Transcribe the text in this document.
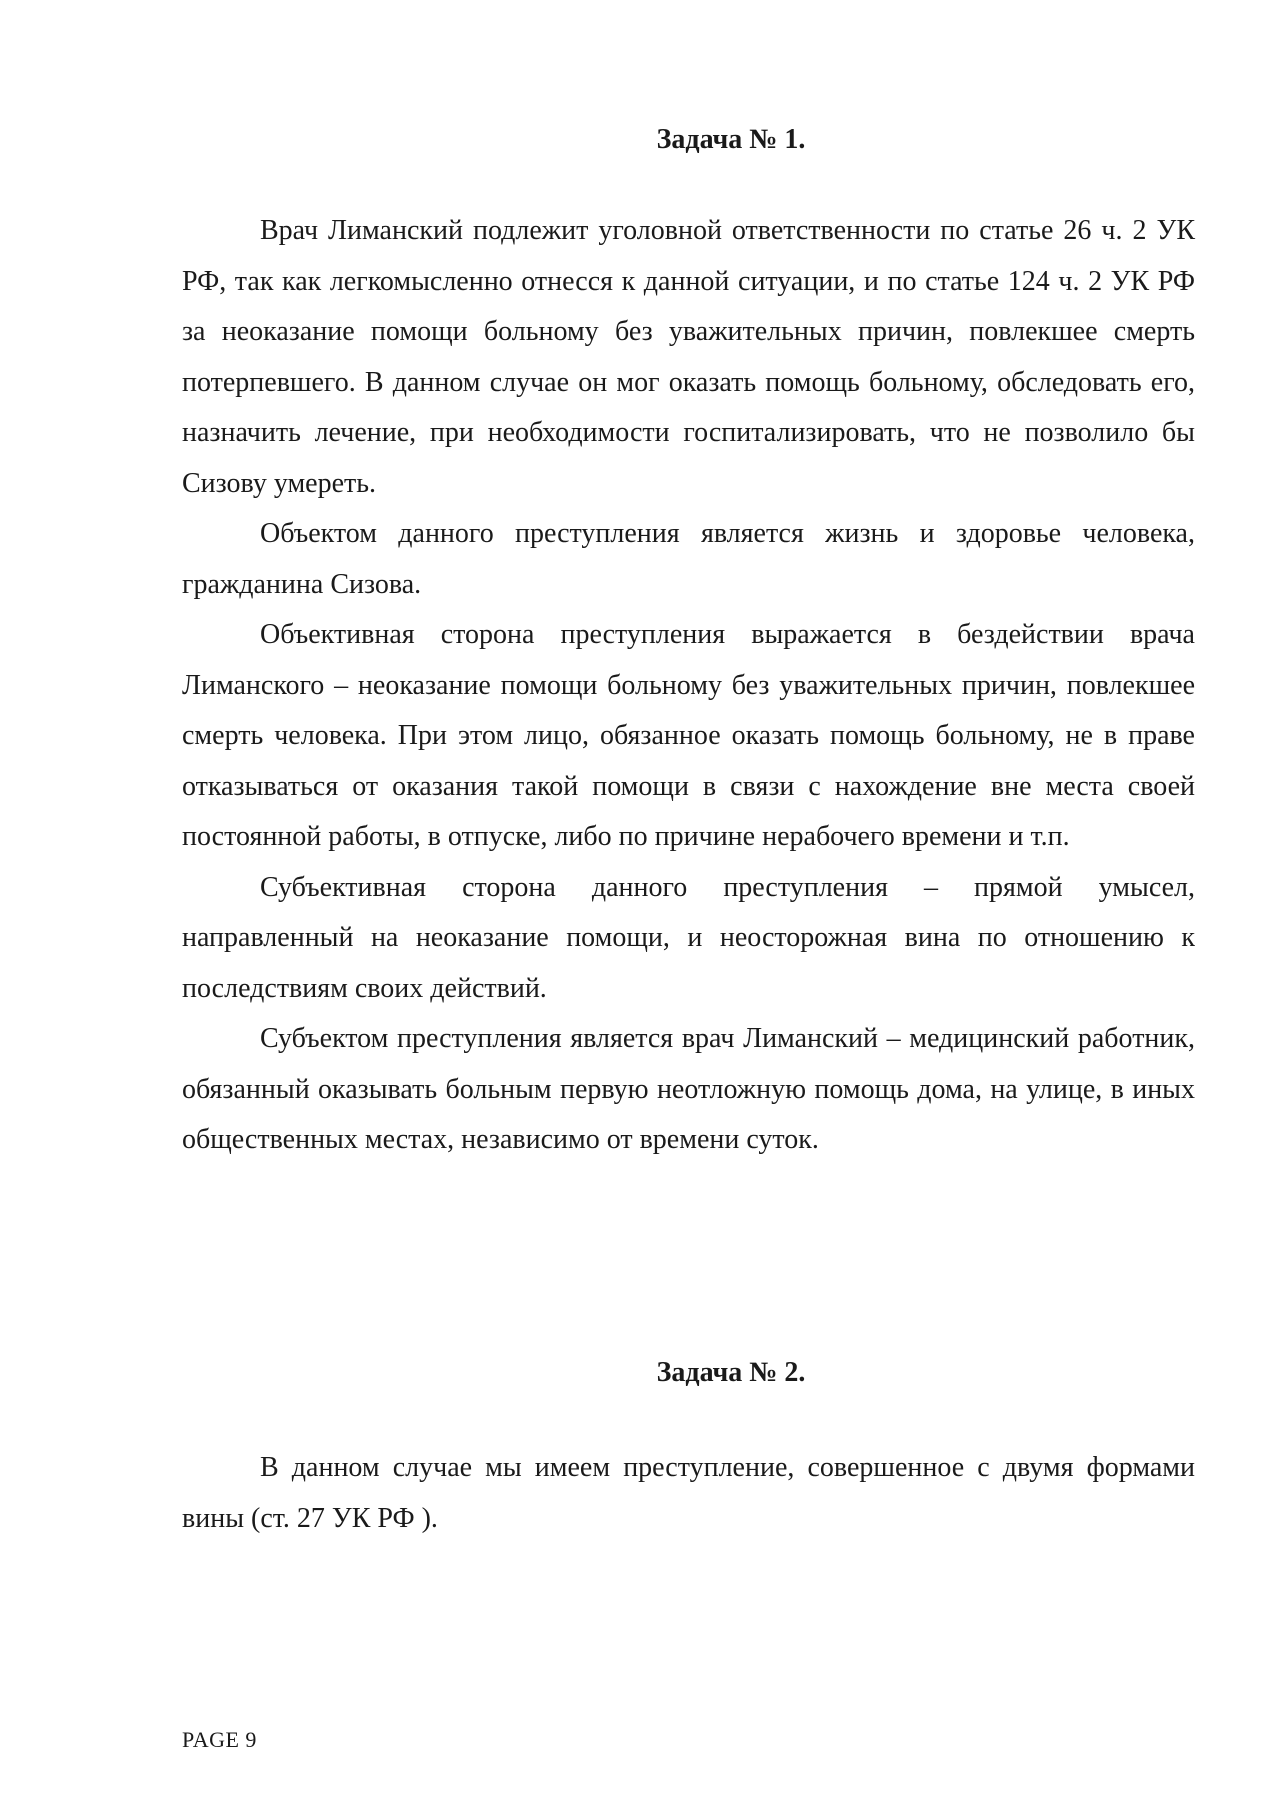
Задача № 1.

Врач Лиманский подлежит уголовной ответственности по статье 26 ч. 2 УК РФ, так как легкомысленно отнесся к данной ситуации, и по статье 124 ч. 2 УК РФ за неоказание помощи больному без уважительных причин, повлекшее смерть потерпевшего. В данном случае он мог оказать помощь больному, обследовать его, назначить лечение, при необходимости госпитализировать, что не позволило бы Сизову умереть.

Объектом данного преступления является жизнь и здоровье человека, гражданина Сизова.

Объективная сторона преступления выражается в бездействии врача Лиманского – неоказание помощи больному без уважительных причин, повлекшее смерть человека. При этом лицо, обязанное оказать помощь больному, не в праве отказываться от оказания такой помощи в связи с нахождение вне места своей постоянной работы, в отпуске, либо по причине нерабочего времени и т.п.

Субъективная сторона данного преступления – прямой умысел, направленный на неоказание помощи, и неосторожная вина по отношению к последствиям своих действий.

Субъектом преступления является врач Лиманский – медицинский работник, обязанный оказывать больным первую неотложную помощь дома, на улице, в иных общественных местах, независимо от времени суток.

Задача № 2.

В данном случае мы имеем преступление, совершенное с двумя формами вины (ст. 27 УК РФ ).

PAGE 9
